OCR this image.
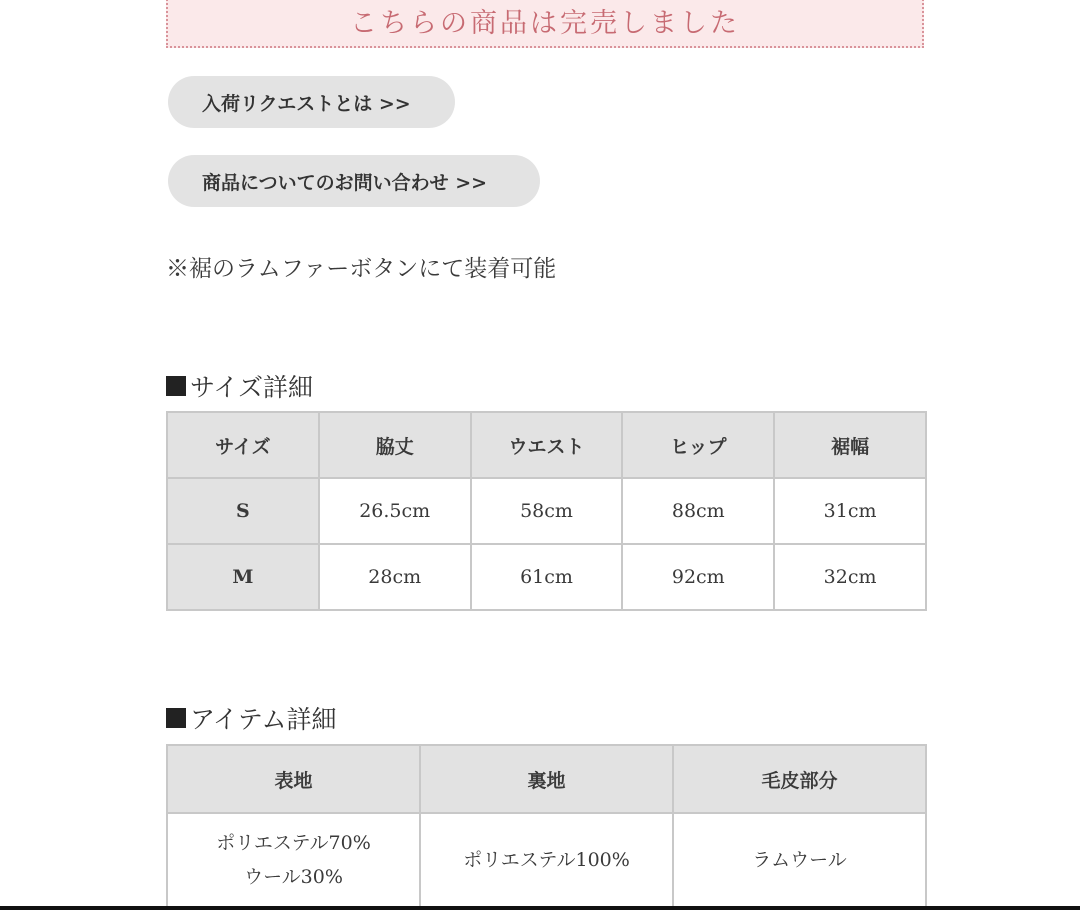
こちらの商品は完売しました
入荷リクエストとは >>
商品についてのお問い合わせ >>
※裾のラムファーボタンにて装着可能
サイズ詳細
サイズ	脇丈	ウエスト	ヒップ	裾幅
S	26.5cm	58cm	88cm	31cm
M	28cm	61cm	92cm	32cm
アイテム詳細
表地	裏地	毛皮部分

ポリエステル70%
ウール30%	ポリエステル100%	ラムウール
